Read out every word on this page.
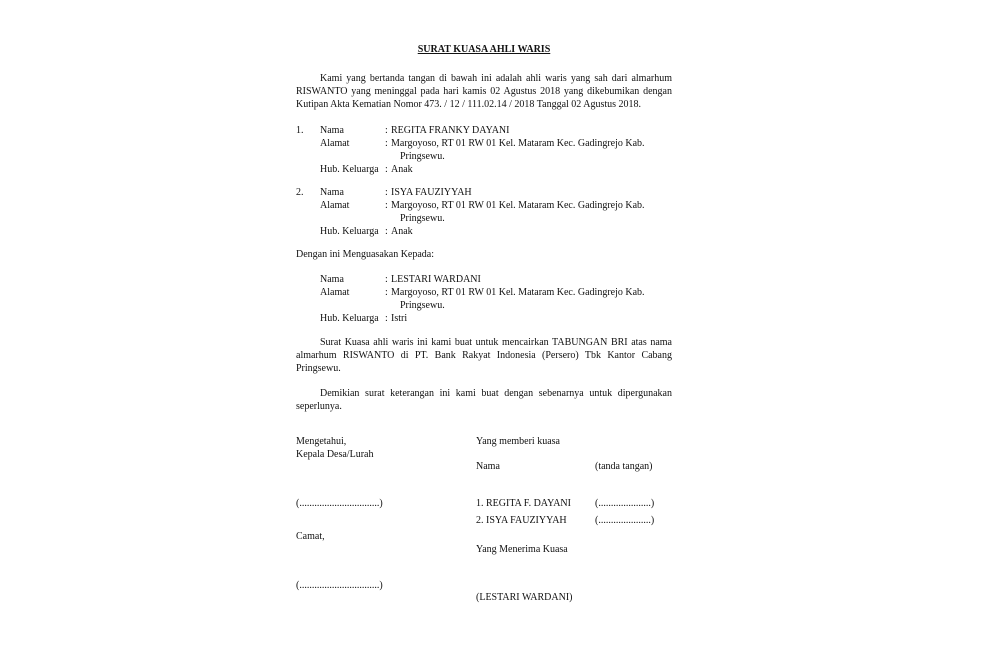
SURAT KUASA AHLI WARIS
Kami yang bertanda tangan di bawah ini adalah ahli waris yang sah dari almarhum
RISWANTO yang meninggal pada hari kamis 02 Agustus 2018 yang dikebumikan dengan
Kutipan Akta Kematian Nomor 473. / 12 / 111.02.14 / 2018 Tanggal 02 Agustus 2018.
1. Nama	: REGITA FRANKY DAYANI
Alamat	: Margoyoso, RT 01 RW 01 Kel. Mataram Kec. Gadingrejo Kab.
Pringsewu.
Hub. Keluarga : Anak
2. Nama	: ISYA FAUZIYYAH
Alamat	: Margoyoso, RT 01 RW 01 Kel. Mataram Kec. Gadingrejo Kab.
Pringsewu.
Hub. Keluarga : Anak
Dengan ini Menguasakan Kepada:
Nama	: LESTARI WARDANI
Alamat	: Margoyoso, RT 01 RW 01 Kel. Mataram Kec. Gadingrejo Kab.
Pringsewu.
Hub. Keluarga : Istri
Surat Kuasa ahli waris ini kami buat untuk mencairkan TABUNGAN BRI atas nama
almarhum RISWANTO di PT. Bank Rakyat Indonesia (Persero) Tbk Kantor Cabang
Pringsewu.
Demikian surat keterangan ini kami buat dengan sebenarnya untuk dipergunakan
seperlunya.
Mengetahui,
Kepala Desa/Lurah
(................................)
Camat,
(................................)
Yang memberi kuasa
Nama	(tanda tangan)
1. REGITA F. DAYANI (.....................)
2. ISYA FAUZIYYAH	(.....................)
Yang Menerima Kuasa
(LESTARI WARDANI)
